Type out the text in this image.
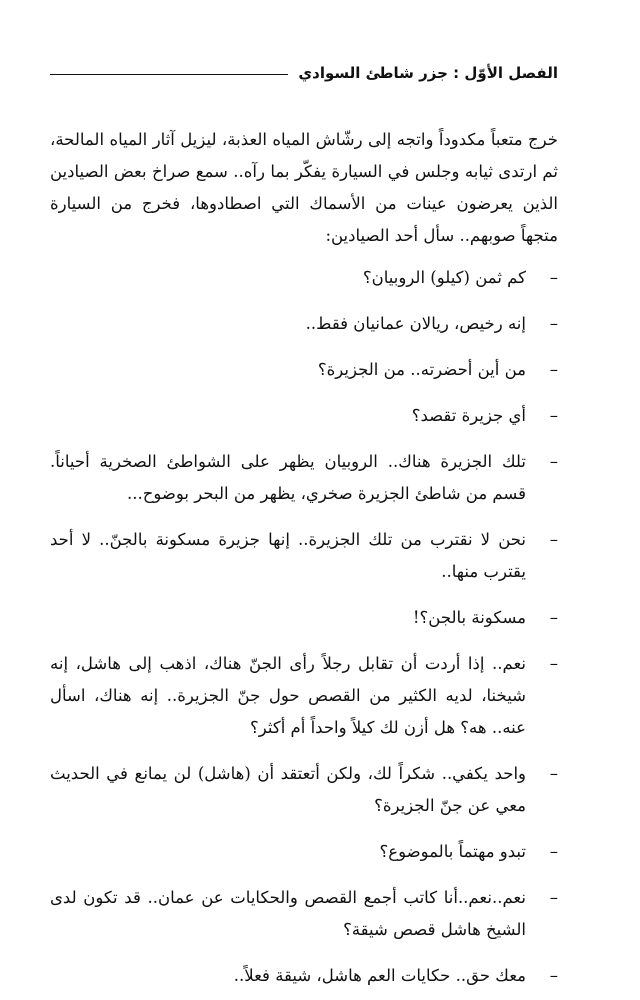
الفصل الأوّل : جزر شاطئ السوادي

خرج متعباً مكدوداً واتجه إلى رشّاش المياه العذبة، ليزيل آثار المياه المالحة، ثم ارتدى ثيابه وجلس في السيارة يفكّر بما رآه.. سمع صراخ بعض الصيادين الذين يعرضون عينات من الأسماك التي اصطادوها، فخرج من السيارة متجهاً صوبهم.. سأل أحد الصيادين:

–
كم ثمن (كيلو) الروبيان؟
–
إنه رخيص، ريالان عمانيان فقط..
–
من أين أحضرته.. من الجزيرة؟
–
أي جزيرة تقصد؟
–
تلك الجزيرة هناك.. الروبيان يظهر على الشواطئ الصخرية أحياناً. قسم من شاطئ الجزيرة صخري، يظهر من البحر بوضوح...
–
نحن لا نقترب من تلك الجزيرة.. إنها جزيرة مسكونة بالجنّ.. لا أحد يقترب منها..
–
مسكونة بالجن؟!
–
نعم.. إذا أردت أن تقابل رجلاً رأى الجنّ هناك، اذهب إلى هاشل، إنه شيخنا، لديه الكثير من القصص حول جنّ الجزيرة.. إنه هناك، اسأل عنه.. هه؟ هل أزن لك كيلاً واحداً أم أكثر؟
–
واحد يكفي.. شكراً لك، ولكن أتعتقد أن (هاشل) لن يمانع في الحديث معي عن جنّ الجزيرة؟
–
تبدو مهتماً بالموضوع؟
–
نعم..نعم..أنا كاتب أجمع القصص والحكايات عن عمان.. قد تكون لدى الشيخ هاشل قصص شيقة؟
–
معك حق.. حكايات العم هاشل، شيقة فعلاً..
